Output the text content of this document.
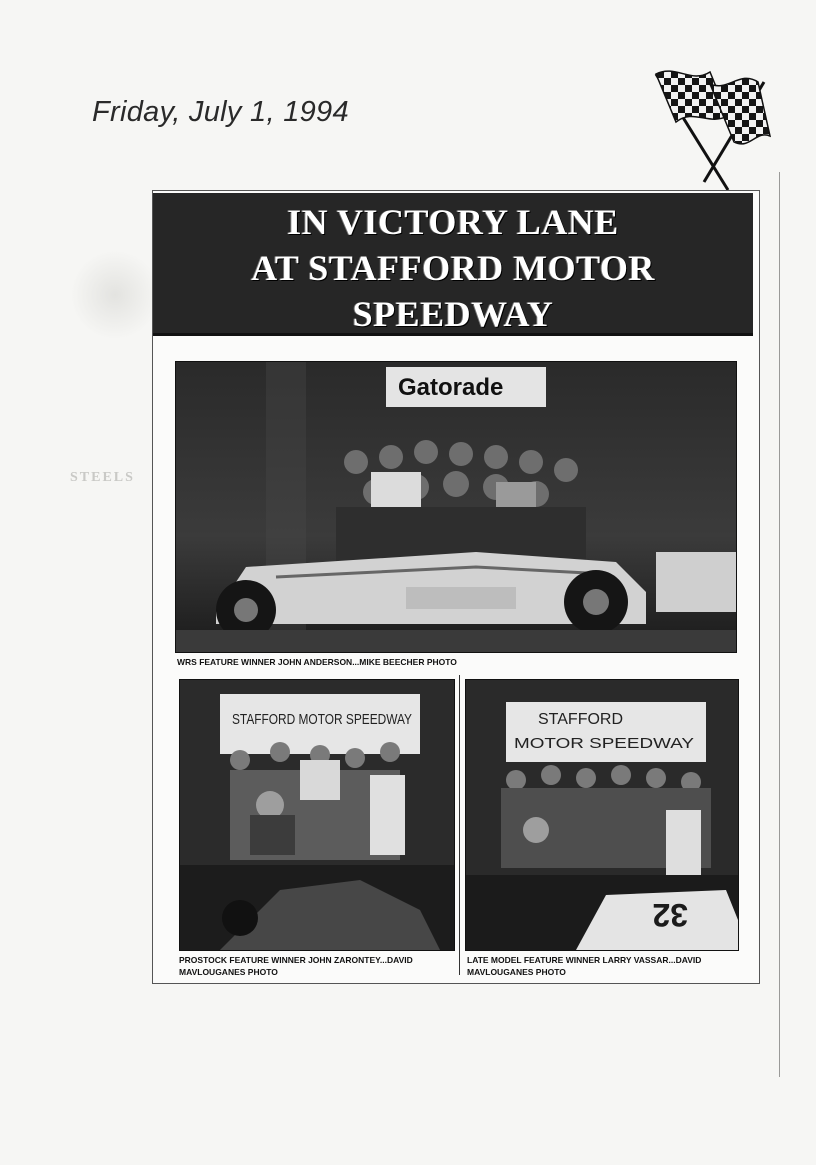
STEELS
Friday, July 1, 1994
IN VICTORY LANE
AT STAFFORD MOTOR
SPEEDWAY
Gatorade
WRS FEATURE WINNER JOHN ANDERSON...MIKE BEECHER PHOTO
STAFFORD MOTOR SPEEDWAY
PROSTOCK FEATURE WINNER JOHN ZARONTEY...DAVID MAVLOUGANES PHOTO
STAFFORD
MOTOR SPEEDWAY
32
LATE MODEL FEATURE WINNER LARRY VASSAR...DAVID MAVLOUGANES PHOTO
